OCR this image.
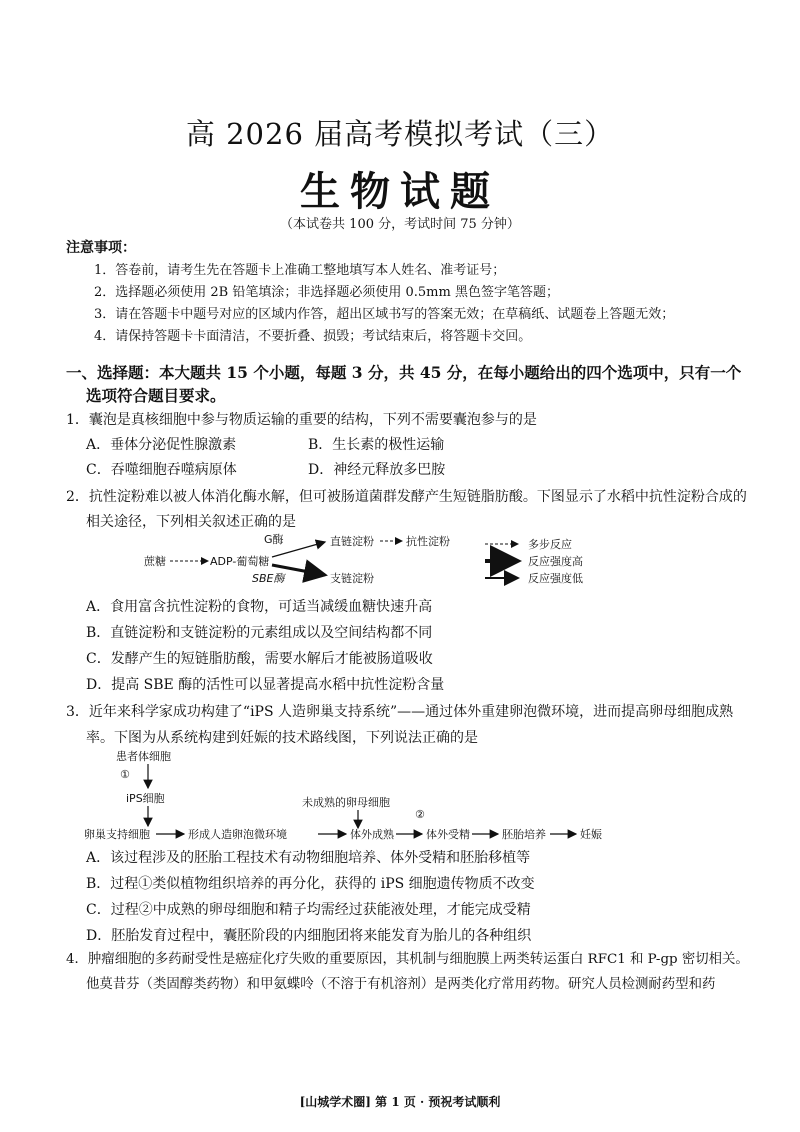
高 2026 届高考模拟考试（三）
生物试题
（本试卷共 100 分，考试时间 75 分钟）
注意事项：
1．答卷前，请考生先在答题卡上准确工整地填写本人姓名、准考证号；
2．选择题必须使用 2B 铅笔填涂；非选择题必须使用 0.5mm 黑色签字笔答题；
3．请在答题卡中题号对应的区域内作答，超出区域书写的答案无效；在草稿纸、试题卷上答题无效；
4．请保持答题卡卡面清洁，不要折叠、损毁；考试结束后，将答题卡交回。
一、选择题：本大题共 15 个小题，每题 3 分，共 45 分，在每小题给出的四个选项中，只有一个
选项符合题目要求。
1．囊泡是真核细胞中参与物质运输的重要的结构，下列不需要囊泡参与的是
A．垂体分泌促性腺激素	B．生长素的极性运输
C．吞噬细胞吞噬病原体	D．神经元释放多巴胺
2．抗性淀粉难以被人体消化酶水解，但可被肠道菌群发酵产生短链脂肪酸。下图显示了水稻中抗性淀粉合成的
相关途径，下列相关叙述正确的是
蔗糖	ADP-葡萄糖
G酶	直链淀粉	抗性淀粉
SBE酶	支链淀粉
多步反应
反应强度高
反应强度低
A．食用富含抗性淀粉的食物，可适当减缓血糖快速升高
B．直链淀粉和支链淀粉的元素组成以及空间结构都不同
C．发酵产生的短链脂肪酸，需要水解后才能被肠道吸收
D．提高 SBE 酶的活性可以显著提高水稻中抗性淀粉含量
3．近年来科学家成功构建了“iPS 人造卵巢支持系统”——通过体外重建卵泡微环境，进而提高卵母细胞成熟
率。下图为从系统构建到妊娠的技术路线图，下列说法正确的是
患者体细胞
①
iPS细胞	未成熟的卵母细胞
②
卵巢支持细胞	形成人造卵泡微环境	体外成熟	体外受精	胚胎培养	妊娠
A．该过程涉及的胚胎工程技术有动物细胞培养、体外受精和胚胎移植等
B．过程①类似植物组织培养的再分化，获得的 iPS 细胞遗传物质不改变
C．过程②中成熟的卵母细胞和精子均需经过获能液处理，才能完成受精
D．胚胎发育过程中，囊胚阶段的内细胞团将来能发育为胎儿的各种组织
4．肿瘤细胞的多药耐受性是癌症化疗失败的重要原因，其机制与细胞膜上两类转运蛋白 RFC1 和 P-gp 密切相关。
他莫昔芬（类固醇类药物）和甲氨蝶呤（不溶于有机溶剂）是两类化疗常用药物。研究人员检测耐药型和药
[山城学术圈] 第 1 页 · 预祝考试顺利
